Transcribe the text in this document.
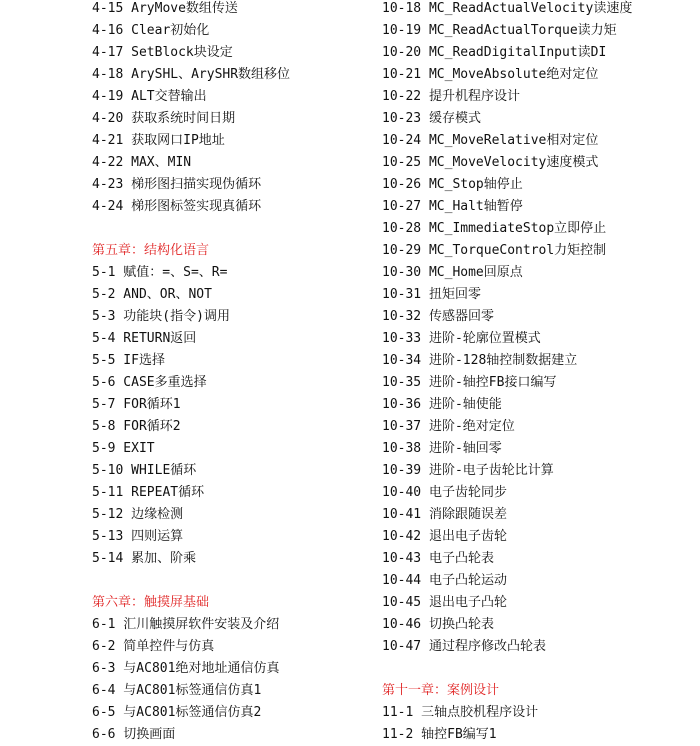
4-15 AryMove数组传送
4-16 Clear初始化
4-17 SetBlock块设定
4-18 ArySHL、ArySHR数组移位
4-19 ALT交替输出
4-20 获取系统时间日期
4-21 获取网口IP地址
4-22 MAX、MIN
4-23 梯形图扫描实现伪循环
4-24 梯形图标签实现真循环
第五章：结构化语言
5-1 赋值：=、S=、R=
5-2 AND、OR、NOT
5-3 功能块(指令)调用
5-4 RETURN返回
5-5 IF选择
5-6 CASE多重选择
5-7 FOR循环1
5-8 FOR循环2
5-9 EXIT
5-10 WHILE循环
5-11 REPEAT循环
5-12 边缘检测
5-13 四则运算
5-14 累加、阶乘
第六章：触摸屏基础
6-1 汇川触摸屏软件安装及介绍
6-2 简单控件与仿真
6-3 与AC801绝对地址通信仿真
6-4 与AC801标签通信仿真1
6-5 与AC801标签通信仿真2
6-6 切换画面
10-18 MC_ReadActualVelocity读速度
10-19 MC_ReadActualTorque读力矩
10-20 MC_ReadDigitalInput读DI
10-21 MC_MoveAbsolute绝对定位
10-22 提升机程序设计
10-23 缓存模式
10-24 MC_MoveRelative相对定位
10-25 MC_MoveVelocity速度模式
10-26 MC_Stop轴停止
10-27 MC_Halt轴暂停
10-28 MC_ImmediateStop立即停止
10-29 MC_TorqueControl力矩控制
10-30 MC_Home回原点
10-31 扭矩回零
10-32 传感器回零
10-33 进阶-轮廓位置模式
10-34 进阶-128轴控制数据建立
10-35 进阶-轴控FB接口编写
10-36 进阶-轴使能
10-37 进阶-绝对定位
10-38 进阶-轴回零
10-39 进阶-电子齿轮比计算
10-40 电子齿轮同步
10-41 消除跟随误差
10-42 退出电子齿轮
10-43 电子凸轮表
10-44 电子凸轮运动
10-45 退出电子凸轮
10-46 切换凸轮表
10-47 通过程序修改凸轮表
第十一章：案例设计
11-1 三轴点胶机程序设计
11-2 轴控FB编写1
